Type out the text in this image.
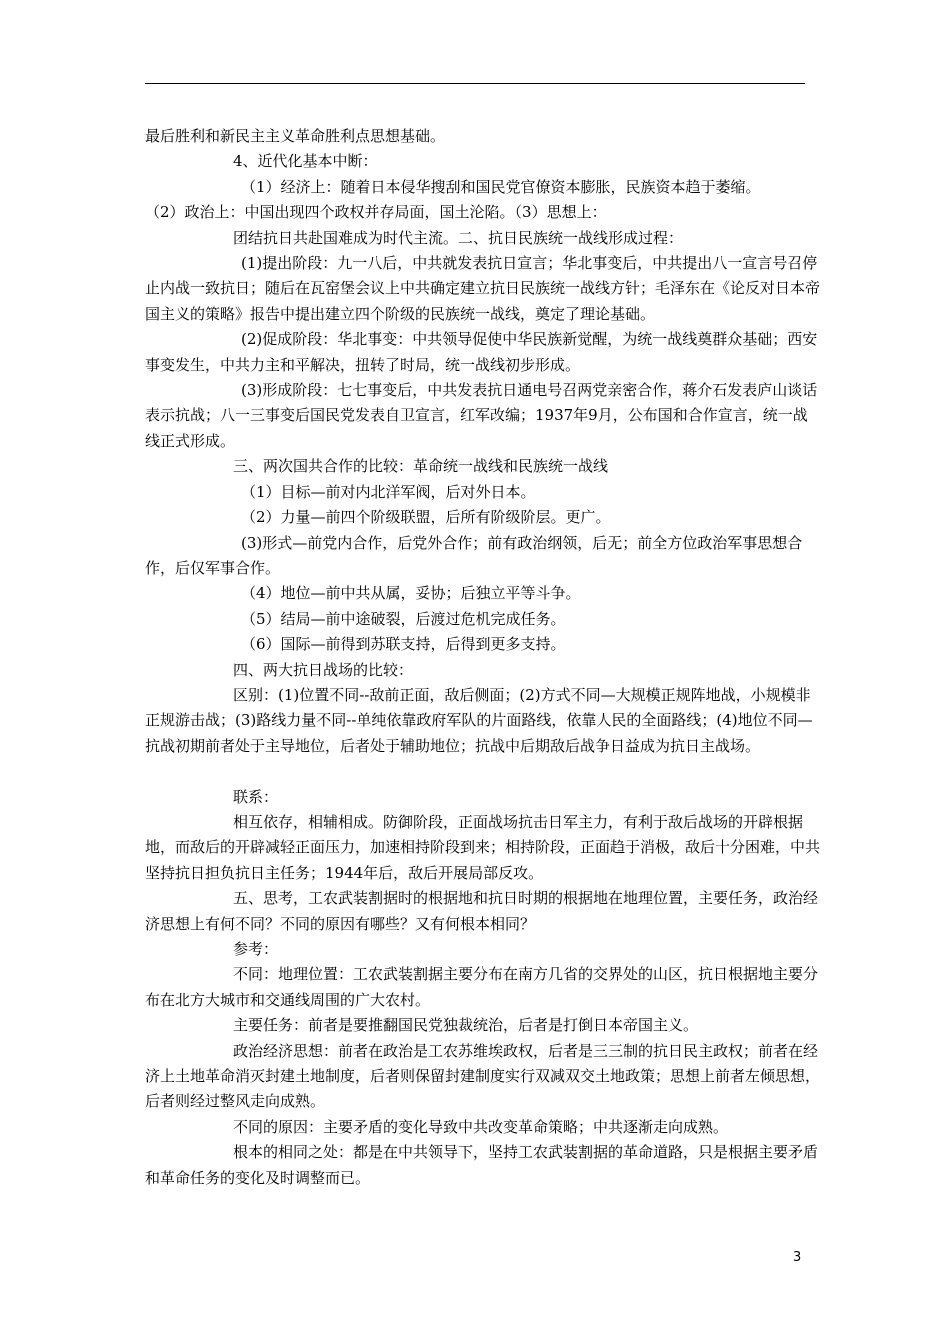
最后胜利和新民主主义革命胜利点思想基础。

4、近代化基本中断：

（1）经济上：随着日本侵华搜刮和国民党官僚资本膨胀，民族资本趋于萎缩。

（2）政治上：中国出现四个政权并存局面，国土沦陷。（3）思想上：

团结抗日共赴国难成为时代主流。二、抗日民族统一战线形成过程：

(1)提出阶段：九一八后，中共就发表抗日宣言；华北事变后，中共提出八一宣言号召停止内战一致抗日；随后在瓦窑堡会议上中共确定建立抗日民族统一战线方针；毛泽东在《论反对日本帝国主义的策略》报告中提出建立四个阶级的民族统一战线，奠定了理论基础。

(2)促成阶段：华北事变：中共领导促使中华民族新觉醒，为统一战线奠群众基础；西安事变发生，中共力主和平解决，扭转了时局，统一战线初步形成。

(3)形成阶段：七七事变后，中共发表抗日通电号召两党亲密合作，蒋介石发表庐山谈话表示抗战；八一三事变后国民党发表自卫宣言，红军改编；1937年9月，公布国和合作宣言，统一战线正式形成。

三、两次国共合作的比较：革命统一战线和民族统一战线

（1）目标—前对内北洋军阀，后对外日本。

（2）力量—前四个阶级联盟，后所有阶级阶层。更广。

(3)形式—前党内合作，后党外合作；前有政治纲领，后无；前全方位政治军事思想合作，后仅军事合作。

（4）地位—前中共从属，妥协；后独立平等斗争。

（5）结局—前中途破裂，后渡过危机完成任务。

（6）国际—前得到苏联支持，后得到更多支持。

四、两大抗日战场的比较：

区别：(1)位置不同--敌前正面，敌后侧面；(2)方式不同—大规模正规阵地战，小规模非正规游击战；(3)路线力量不同--单纯依靠政府军队的片面路线，依靠人民的全面路线；(4)地位不同—抗战初期前者处于主导地位，后者处于辅助地位；抗战中后期敌后战争日益成为抗日主战场。

联系：

相互依存，相辅相成。防御阶段，正面战场抗击日军主力，有利于敌后战场的开辟根据地，而敌后的开辟减轻正面压力，加速相持阶段到来；相持阶段，正面趋于消极，敌后十分困难，中共坚持抗日担负抗日主任务；1944年后，敌后开展局部反攻。

五、思考，工农武装割据时的根据地和抗日时期的根据地在地理位置，主要任务，政治经济思想上有何不同？不同的原因有哪些？又有何根本相同？

参考：

不同：地理位置：工农武装割据主要分布在南方几省的交界处的山区，抗日根据地主要分布在北方大城市和交通线周围的广大农村。

主要任务：前者是要推翻国民党独裁统治，后者是打倒日本帝国主义。

政治经济思想：前者在政治是工农苏维埃政权，后者是三三制的抗日民主政权；前者在经济上土地革命消灭封建土地制度，后者则保留封建制度实行双减双交土地政策；思想上前者左倾思想，后者则经过整风走向成熟。

不同的原因：主要矛盾的变化导致中共改变革命策略；中共逐渐走向成熟。

根本的相同之处：都是在中共领导下，坚持工农武装割据的革命道路，只是根据主要矛盾和革命任务的变化及时调整而已。

3
